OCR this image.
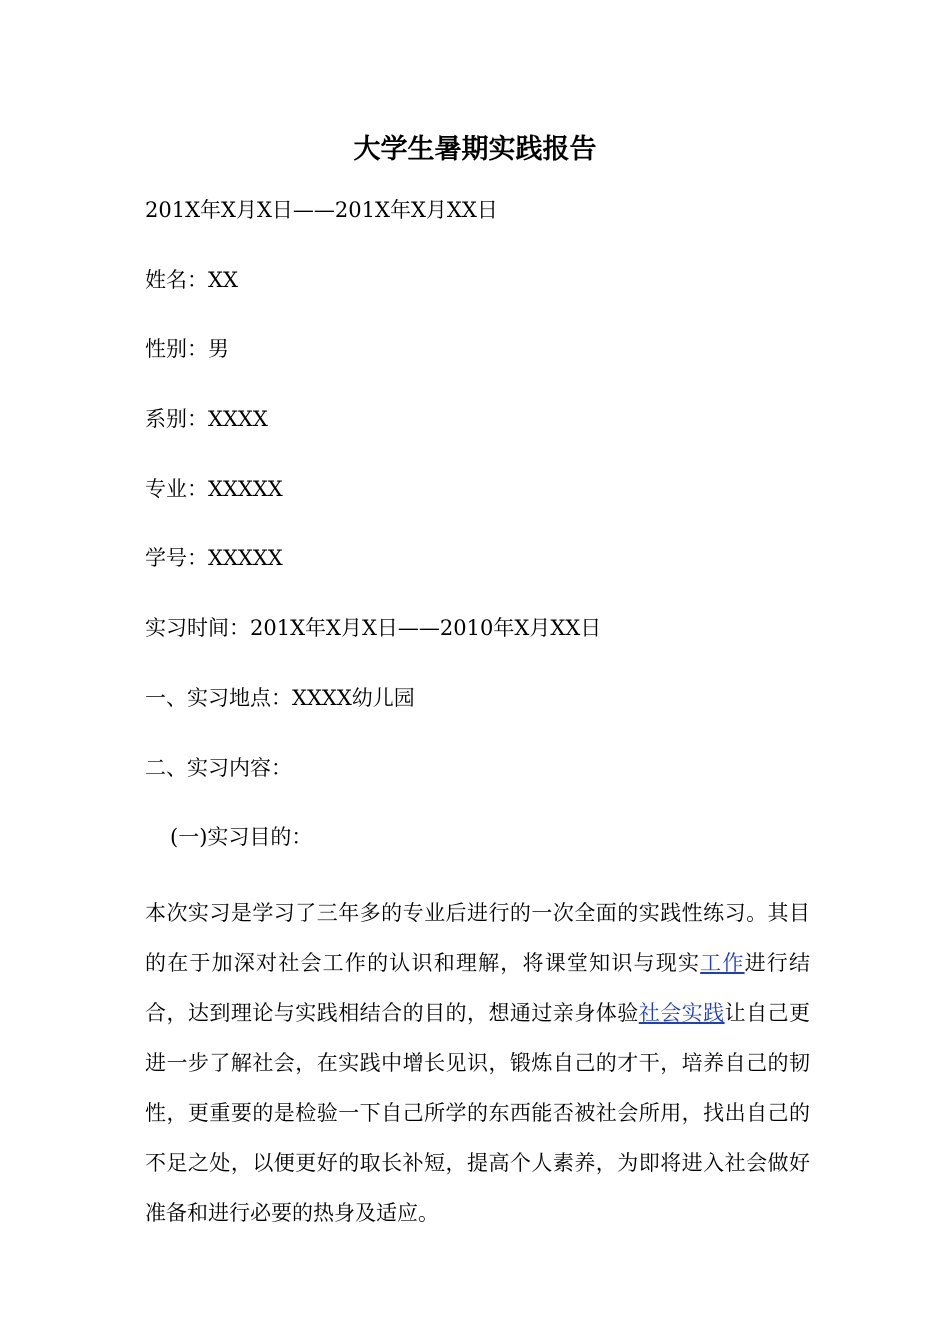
大学生暑期实践报告
201X年X月X日——201X年X月XX日
姓名：XX
性别：男
系别：XXXX
专业：XXXXX
学号：XXXXX
实习时间：201X年X月X日——2010年X月XX日
一、实习地点：XXXX幼儿园
二、实习内容：
(一)实习目的：
本次实习是学习了三年多的专业后进行的一次全面的实践性练习。其目的在于加深对社会工作的认识和理解，将课堂知识与现实工作进行结合，达到理论与实践相结合的目的，想通过亲身体验社会实践让自己更进一步了解社会，在实践中增长见识，锻炼自己的才干，培养自己的韧性，更重要的是检验一下自己所学的东西能否被社会所用，找出自己的不足之处，以便更好的取长补短，提高个人素养，为即将进入社会做好准备和进行必要的热身及适应。
